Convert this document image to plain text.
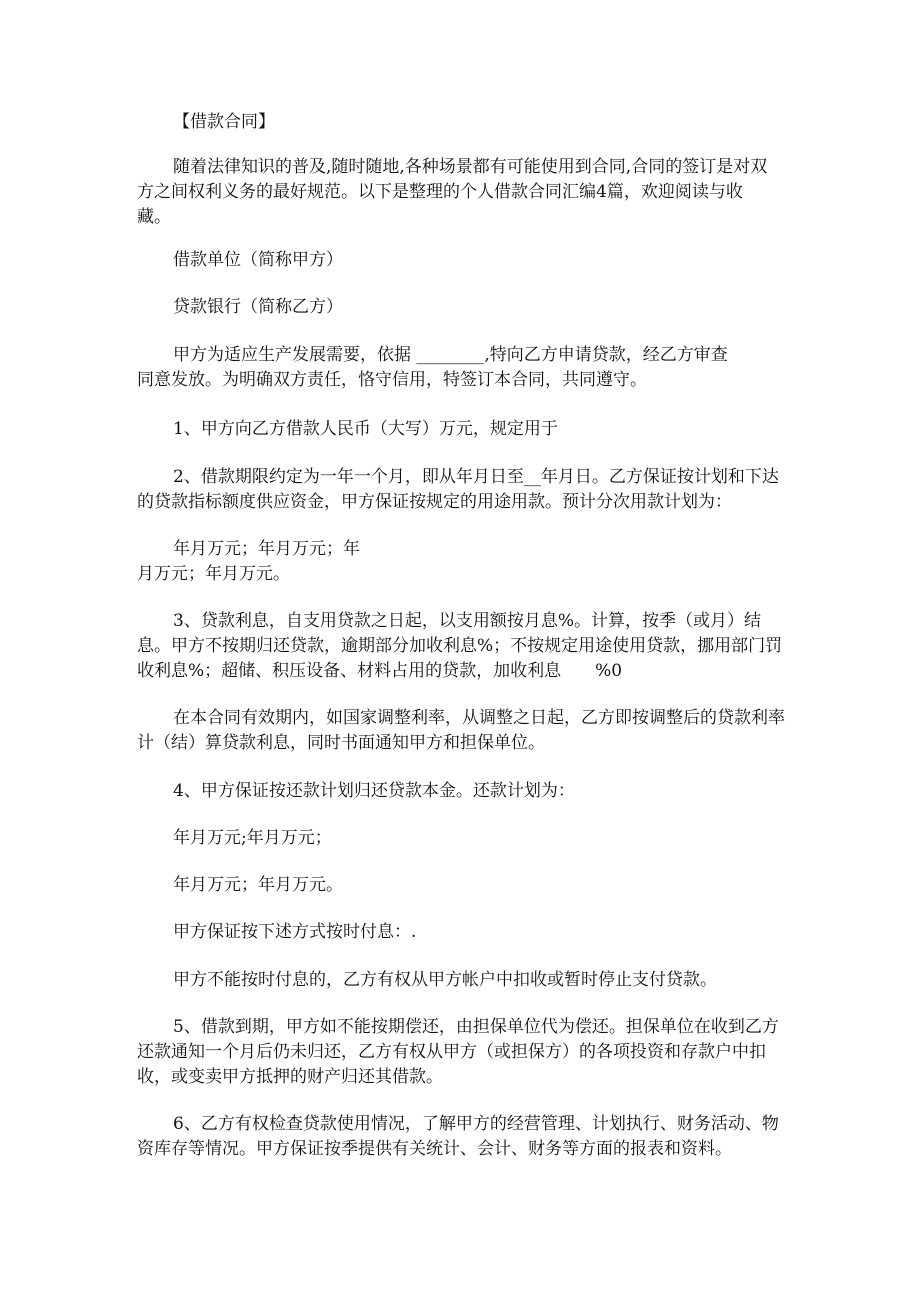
【借款合同】
随着法律知识的普及,随时随地,各种场景都有可能使用到合同,合同的签订是对双
方之间权利义务的最好规范。以下是整理的个人借款合同汇编4篇，欢迎阅读与收
藏。
借款单位（简称甲方）
贷款银行（简称乙方）
甲方为适应生产发展需要，依据 ________,特向乙方申请贷款，经乙方审查
同意发放。为明确双方责任，恪守信用，特签订本合同，共同遵守。
1、甲方向乙方借款人民币（大写）万元，规定用于
2、借款期限约定为一年一个月，即从年月日至__年月日。乙方保证按计划和下达
的贷款指标额度供应资金，甲方保证按规定的用途用款。预计分次用款计划为：
年月万元；年月万元；年
月万元；年月万元。
3、贷款利息，自支用贷款之日起，以支用额按月息%。计算，按季（或月）结
息。甲方不按期归还贷款，逾期部分加收利息%；不按规定用途使用贷款，挪用部门罚
收利息%；超储、积压设备、材料占用的贷款，加收利息　　%0
在本合同有效期内，如国家调整利率，从调整之日起，乙方即按调整后的贷款利率
计（结）算贷款利息，同时书面通知甲方和担保单位。
4、甲方保证按还款计划归还贷款本金。还款计划为：
年月万元;年月万元；
年月万元；年月万元。
甲方保证按下述方式按时付息：.
甲方不能按时付息的，乙方有权从甲方帐户中扣收或暂时停止支付贷款。
5、借款到期，甲方如不能按期偿还，由担保单位代为偿还。担保单位在收到乙方
还款通知一个月后仍未归还，乙方有权从甲方（或担保方）的各项投资和存款户中扣
收，或变卖甲方抵押的财产归还其借款。
6、乙方有权检查贷款使用情况，了解甲方的经营管理、计划执行、财务活动、物
资库存等情况。甲方保证按季提供有关统计、会计、财务等方面的报表和资料。
